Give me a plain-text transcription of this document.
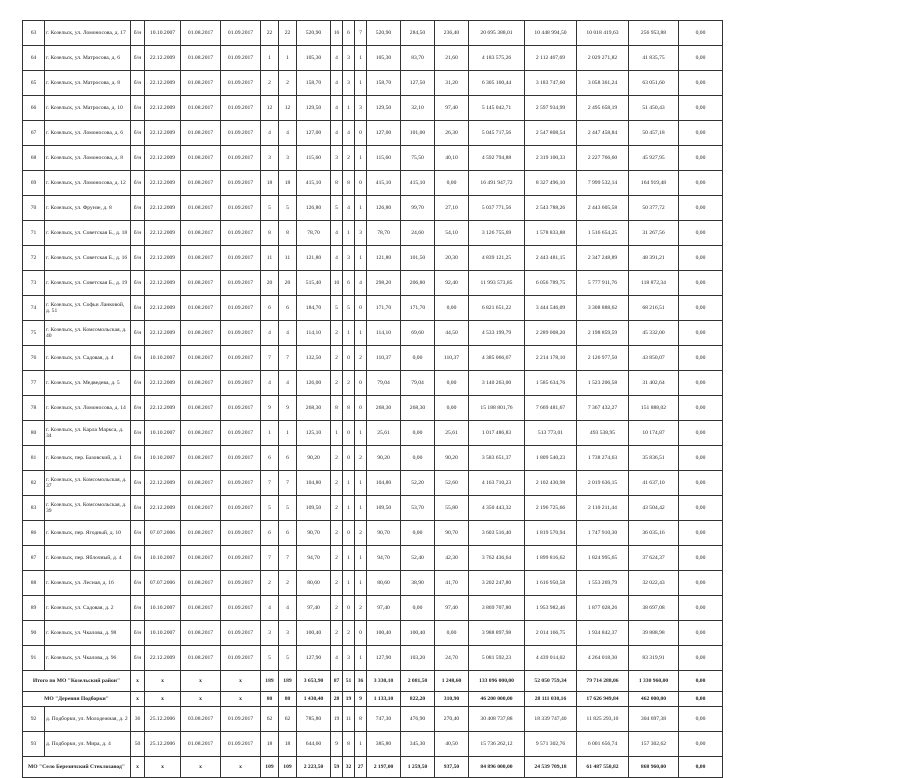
63	г. Козельск, ул. Ломоносова, д. 17	б/н	10.10.2007	01.08.2017	01.09.2017	22	22	520,90	16	6	7	520,90	284,50	236,40	20 695 388,01	10 448 994,50	10 018 419,63	256 953,88	0,00
64	г. Козельск, ул. Матросова, д. 6	б/н	22.12.2009	01.08.2017	01.09.2017	1	1	105,30	4	3	1	105,30	83,70	21,60	4 183 575,26	2 112 467,69	2 029 271,82	41 835,75	0,00
65	г. Козельск, ул. Матросова, д. 8	б/н	22.12.2009	01.08.2017	01.09.2017	2	2	158,70	4	3	1	158,70	127,50	31,20	6 305 160,44	3 183 747,60	3 058 361,24	63 051,60	0,00
66	г. Козельск, ул. Матросова, д. 10	б/н	22.12.2009	01.08.2017	01.09.2017	12	12	129,50	4	1	3	129,50	32,10	97,40	5 145 042,71	2 597 934,99	2 495 658,19	51 450,43	0,00
67	г. Козельск, ул. Ломоносова, д. 6	б/н	22.12.2009	01.08.2017	01.09.2017	4	4	127,00	4	4	0	127,00	101,00	26,30	5 045 717,56	2 547 808,54	2 447 458,84	50 457,18	0,00
68	г. Козельск, ул. Ломоносова, д. 8	б/н	22.12.2009	01.08.2017	01.09.2017	3	3	115,60	3	2	1	115,60	75,50	40,10	4 592 794,88	2 319 100,33	2 227 766,60	45 927,95	0,00
69	г. Козельск, ул. Ломоносова, д. 12	б/н	22.12.2009	01.08.2017	01.09.2017	18	18	415,10	8	8	0	415,10	415,10	0,00	16 491 947,72	8 327 496,10	7 999 532,14	164 919,48	0,00
70	г. Козельск, ул. Фрунзе, д. 8	б/н	22.12.2009	01.08.2017	01.09.2017	5	5	126,80	5	4	1	126,80	99,70	27,10	5 037 771,56	2 543 788,26	2 443 605,58	50 377,72	0,00
71	г. Козельск, ул. Советская Б., д. 18	б/н	22.12.2009	01.08.2017	01.09.2017	8	8	78,70	4	1	3	78,70	24,60	54,10	3 126 755,69	1 578 833,88	1 516 654,25	31 267,56	0,00
72	г. Козельск, ул. Советская Б., д. 16	б/н	22.12.2009	01.08.2017	01.09.2017	11	11	121,80	4	3	1	121,80	101,50	20,30	4 839 121,25	2 443 481,15	2 347 248,89	48 391,21	0,00
73	г. Козельск, ул. Советская Б., д. 19	б/н	22.12.2009	01.08.2017	01.09.2017	20	20	515,40	10	6	4	298,20	206,80	92,40	11 993 573,85	6 056 789,75	5 777 911,76	118 872,34	0,00
74	г. Козельск, ул. Софьи Ланковой, д. 51	б/н	22.12.2009	01.08.2017	01.09.2017	6	6	184,70	5	5	0	171,70	171,70	0,00	6 821 651,22	3 444 546,09	3 308 888,62	68 216,51	0,00
75	г. Козельск, ул. Комсомольская, д. 40	б/н	22.12.2009	01.08.2017	01.09.2017	4	4	114,10	2	1	1	114,10	69,60	44,50	4 533 199,79	2 289 008,20	2 198 859,59	45 332,00	0,00
76	г. Козельск, ул. Садовая, д. 4	б/н	10.10.2007	01.08.2017	01.09.2017	7	7	132,50	2	0	2	110,37	0,00	110,37	4 385 066,67	2 214 178,10	2 126 977,50	43 850,07	0,00
77	г. Козельск, ул. Медведева, д. 5	б/н	22.12.2009	01.08.2017	01.09.2017	4	4	126,00	2	2	0	79,04	79,04	0,00	3 140 263,00	1 585 634,76	1 523 206,58	31 402,64	0,00
78	г. Козельск, ул. Ломоносова, д. 14	б/н	22.12.2009	01.08.2017	01.09.2017	9	9	268,30	8	8	0	268,30	268,30	0,00	15 188 801,76	7 669 481,67	7 367 432,27	151 888,02	0,00
80	г. Козельск, ул. Карла Маркса, д. 34	б/н	10.10.2007	01.08.2017	01.09.2017	1	1	125,10	1	0	1	25,61	0,00	25,61	1 017 486,83	513 773,01	493 538,95	10 174,87	0,00
81	г. Козельск, пер. Базовский, д. 1	б/н	10.10.2007	01.08.2017	01.09.2017	6	6	90,20	2	0	2	90,20	0,00	90,20	3 583 651,37	1 809 540,23	1 738 274,63	35 836,51	0,00
82	г. Козельск, ул. Комсомольская, д. 37	б/н	22.12.2009	01.08.2017	01.09.2017	7	7	104,80	2	1	1	104,80	52,20	52,60	4 163 710,23	2 102 430,98	2 019 636,15	41 637,10	0,00
83	г. Козельск, ул. Комсомольская, д. 39	б/н	22.12.2009	01.08.2017	01.09.2017	5	5	109,50	2	1	1	109,50	53,70	55,80	4 350 443,32	2 196 725,66	2 110 211,44	43 504,42	0,00
86	г. Козельск, пер. Ягодный, д. 10	б/н	07.07.2006	01.08.2017	01.09.2017	6	6	90,70	2	0	2	90,70	0,00	90,70	3 603 516,40	1 819 570,94	1 747 910,30	36 035,16	0,00
87	г. Козельск, пер. Яблочный, д. 4	б/н	10.10.2007	01.08.2017	01.09.2017	7	7	94,70	2	1	1	94,70	52,40	42,30	3 762 436,64	1 899 816,62	1 824 995,65	37 624,37	0,00
88	г. Козельск, ул. Лесная, д. 16	б/н	07.07.2006	01.08.2017	01.09.2017	2	2	80,60	2	1	1	80,60	38,90	41,70	3 202 247,80	1 616 950,58	1 553 269,79	32 022,43	0,00
89	г. Козельск, ул. Садовая, д. 2	б/н	10.10.2007	01.08.2017	01.09.2017	4	4	97,40	2	0	2	97,40	0,00	97,40	3 869 707,80	1 953 982,46	1 877 028,26	38 697,08	0,00
90	г. Козельск, ул. Чкалова, д. 98	б/н	10.10.2007	01.08.2017	01.09.2017	3	3	100,40	2	2	0	100,40	100,40	0,00	3 988 897,98	2 014 166,75	1 934 842,37	39 888,98	0,00
91	г. Козельск, ул. Чкалова, д. 96	б/н	22.12.2009	01.08.2017	01.09.2017	5	5	127,90	4	3	1	127,90	103,20	24,70	5 081 592,23	4 439 014,02	4 264 018,30	83 319,91	0,00
Итого по МО "Козельский район"		х	х	х	х	189	189	3 653,90	87	51	36	3 330,10	2 081,50	1 248,60	133 096 000,00	52 050 759,34	79 714 288,06	1 330 960,00	0,00
МО "Деревня Подборки"		х	х	х	х	80	80	1 430,40	28	19	9	1 133,10	822,20	310,90	46 200 000,00	28 111 030,16	17 626 949,84	462 000,00	0,00
92	д. Подборки, ул. Молодежная, д. 2	36	25.12.2006	03.08.2017	01.09.2017	62	62	785,80	19	11	8	747,30	476,90	270,40	30 408 737,88	18 339 747,40	11 825 293,10	304 697,38	0,00
93	д. Подборки, ул. Мира, д. 4	50	25.12.2006	01.08.2017	01.09.2017	18	18	644,60	9	8	1	385,80	345,30	40,50	15 736 262,12	9 571 302,76	6 001 656,74	157 302,62	0,00
МО "Село Березичский Стеклозавод"		х	х	х	х	109	109	2 223,50	59	32	27	2 197,00	1 259,50	937,50	84 896 000,00	24 539 709,18	61 487 550,82	868 960,00	0,00
